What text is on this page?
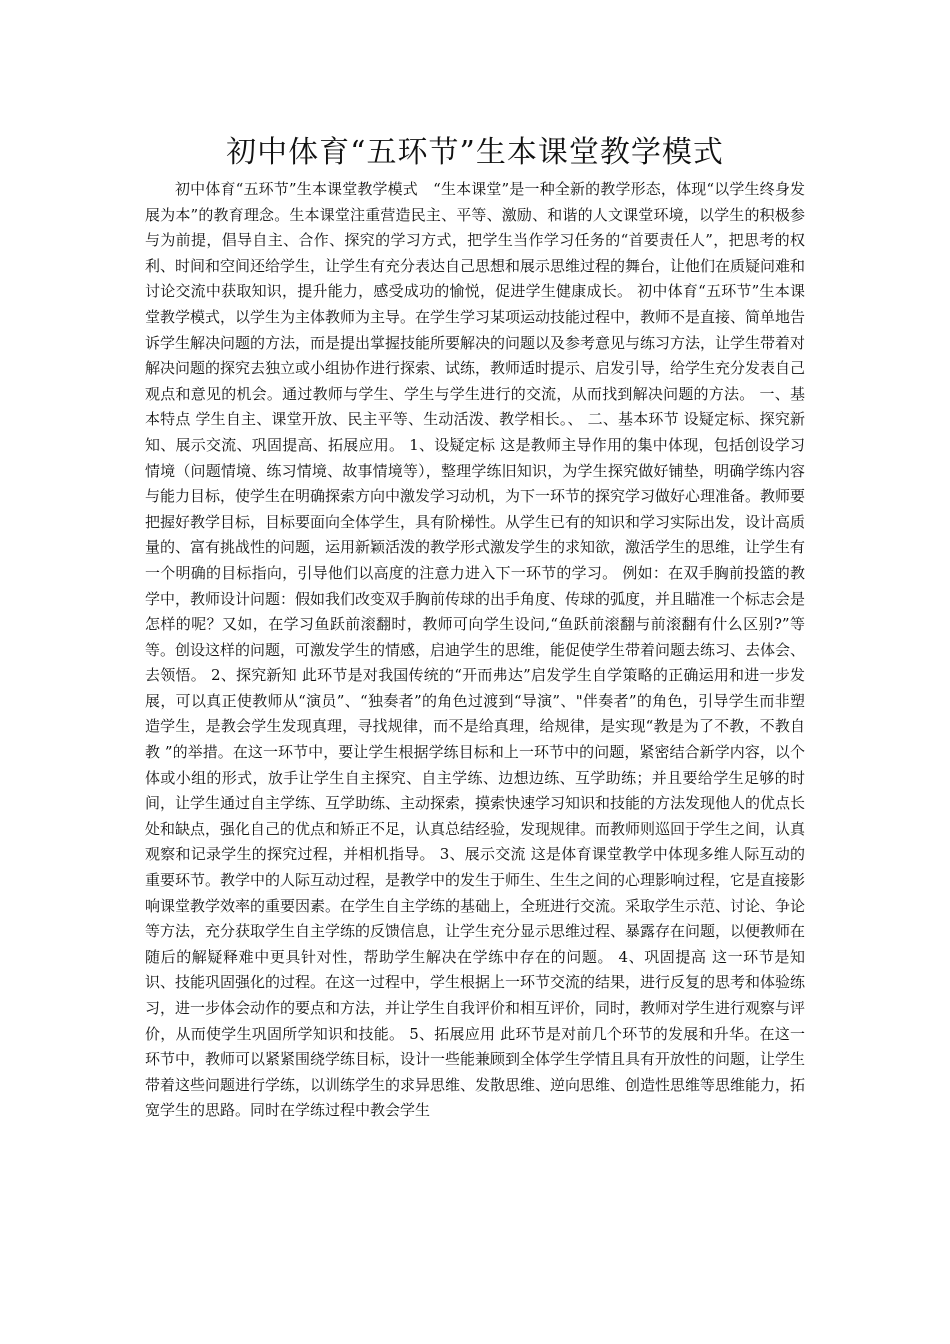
初中体育“五环节”生本课堂教学模式

初中体育“五环节”生本课堂教学模式　“生本课堂”是一种全新的教学形态，体现“以学生终身发展为本”的教育理念。生本课堂注重营造民主、平等、激励、和谐的人文课堂环境，以学生的积极参与为前提，倡导自主、合作、探究的学习方式，把学生当作学习任务的“首要责任人”，把思考的权利、时间和空间还给学生，让学生有充分表达自己思想和展示思维过程的舞台，让他们在质疑问难和讨论交流中获取知识，提升能力，感受成功的愉悦，促进学生健康成长。 初中体育“五环节”生本课堂教学模式，以学生为主体教师为主导。在学生学习某项运动技能过程中，教师不是直接、简单地告诉学生解决问题的方法，而是提出掌握技能所要解决的问题以及参考意见与练习方法，让学生带着对解决问题的探究去独立或小组协作进行探索、试练，教师适时提示、启发引导，给学生充分发表自己观点和意见的机会。通过教师与学生、学生与学生进行的交流，从而找到解决问题的方法。 一、基本特点 学生自主、课堂开放、民主平等、生动活泼、教学相长。、 二、基本环节 设疑定标、探究新知、展示交流、巩固提高、拓展应用。 1、设疑定标 这是教师主导作用的集中体现，包括创设学习情境（问题情境、练习情境、故事情境等），整理学练旧知识，为学生探究做好铺垫，明确学练内容与能力目标，使学生在明确探索方向中激发学习动机，为下一环节的探究学习做好心理准备。教师要把握好教学目标，目标要面向全体学生，具有阶梯性。从学生已有的知识和学习实际出发，设计高质量的、富有挑战性的问题，运用新颖活泼的教学形式激发学生的求知欲，激活学生的思维，让学生有一个明确的目标指向，引导他们以高度的注意力进入下一环节的学习。 例如：在双手胸前投篮的教学中，教师设计问题：假如我们改变双手胸前传球的出手角度、传球的弧度，并且瞄准一个标志会是怎样的呢？又如，在学习鱼跃前滚翻时，教师可向学生设问,“鱼跃前滚翻与前滚翻有什么区别?”等等。创设这样的问题，可激发学生的情感，启迪学生的思维，能促使学生带着问题去练习、去体会、去领悟。 2、探究新知 此环节是对我国传统的“开而弗达”启发学生自学策略的正确运用和进一步发展，可以真正使教师从“演员”、“独奏者”的角色过渡到“导演”、"伴奏者”的角色，引导学生而非塑造学生，是教会学生发现真理，寻找规律，而不是给真理，给规律，是实现“教是为了不教，不教自教 ”的举措。在这一环节中，要让学生根据学练目标和上一环节中的问题，紧密结合新学内容，以个体或小组的形式，放手让学生自主探究、自主学练、边想边练、互学助练；并且要给学生足够的时间，让学生通过自主学练、互学助练、主动探索，摸索快速学习知识和技能的方法发现他人的优点长处和缺点，强化自己的优点和矫正不足，认真总结经验，发现规律。而教师则巡回于学生之间，认真观察和记录学生的探究过程，并相机指导。 3、展示交流 这是体育课堂教学中体现多维人际互动的重要环节。教学中的人际互动过程，是教学中的发生于师生、生生之间的心理影响过程，它是直接影响课堂教学效率的重要因素。在学生自主学练的基础上，全班进行交流。采取学生示范、讨论、争论等方法，充分获取学生自主学练的反馈信息，让学生充分显示思维过程、暴露存在问题，以便教师在随后的解疑释难中更具针对性，帮助学生解决在学练中存在的问题。 4、巩固提高 这一环节是知识、技能巩固强化的过程。在这一过程中，学生根据上一环节交流的结果，进行反复的思考和体验练习，进一步体会动作的要点和方法，并让学生自我评价和相互评价，同时，教师对学生进行观察与评价，从而使学生巩固所学知识和技能。 5、拓展应用 此环节是对前几个环节的发展和升华。在这一环节中，教师可以紧紧围绕学练目标，设计一些能兼顾到全体学生学情且具有开放性的问题，让学生带着这些问题进行学练，以训练学生的求异思维、发散思维、逆向思维、创造性思维等思维能力，拓宽学生的思路。同时在学练过程中教会学生
